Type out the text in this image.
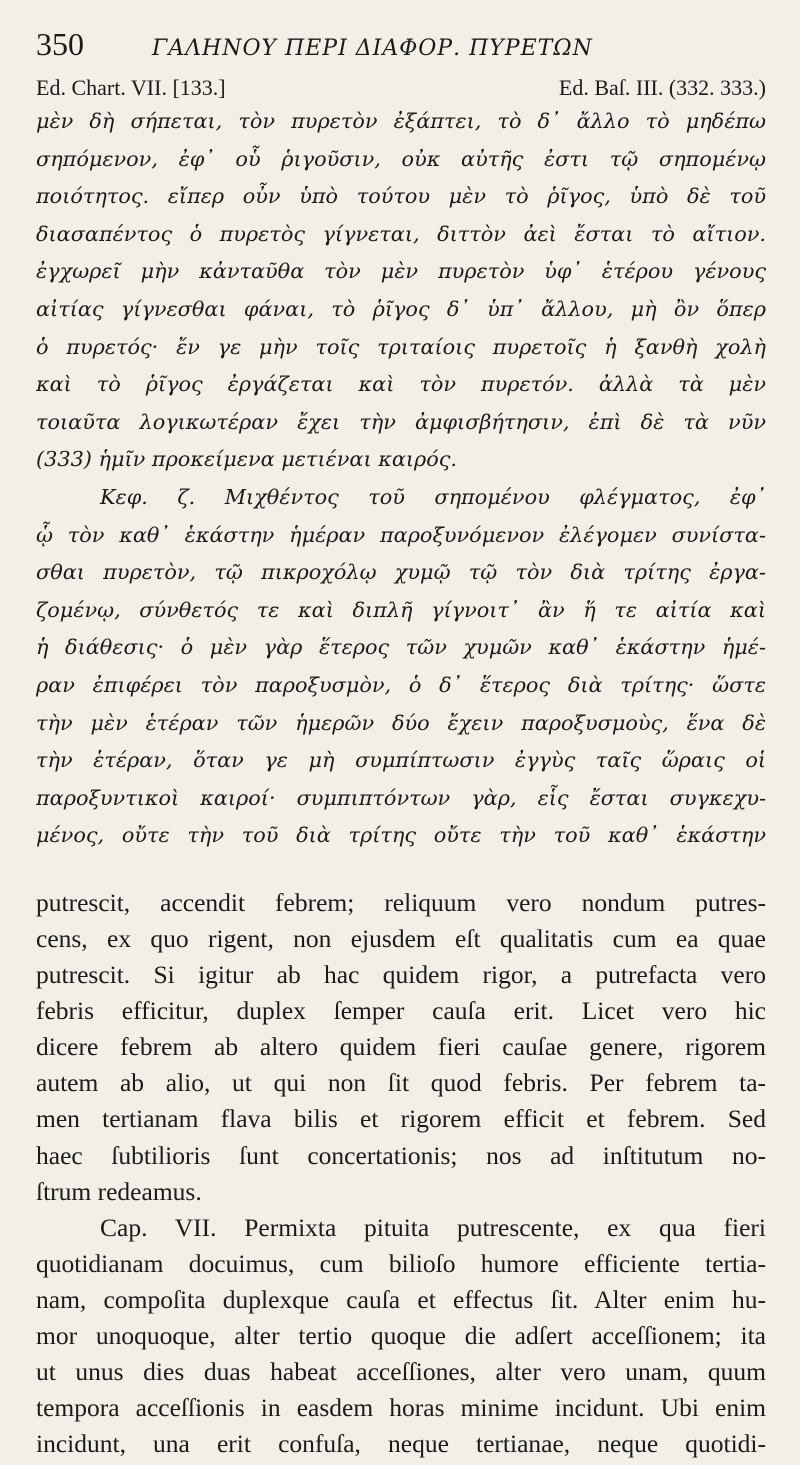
350	ΓΑΛΗΝΟΥ ΠΕΡΙ ΔΙΑΦΟΡ. ΠΥΡΕΤΩΝ
Ed. Chart. VII. [133.]	Ed. Baſ. III. (332. 333.)
μὲν δὴ σήπεται, τὸν πυρετὸν ἐξάπτει, τὸ δ᾽ ἄλλο τὸ μηδέπω
σηπόμενον, ἐφ᾽ οὗ ῥιγοῦσιν, οὐκ αὐτῆς ἐστι τῷ σηπομένῳ
ποιότητος. εἴπερ οὖν ὑπὸ τούτου μὲν τὸ ῥῖγος, ὑπὸ δὲ τοῦ
διασαπέντος ὁ πυρετὸς γίγνεται, διττὸν ἀεὶ ἔσται τὸ αἴτιον.
ἐγχωρεῖ μὴν κἀνταῦθα τὸν μὲν πυρετὸν ὑφ᾽ ἑτέρου γένους
αἰτίας γίγνεσθαι φάναι, τὸ ῥῖγος δ᾽ ὑπ᾽ ἄλλου, μὴ ὂν ὅπερ
ὁ πυρετός· ἔν γε μὴν τοῖς τριταίοις πυρετοῖς ἡ ξανθὴ χολὴ
καὶ τὸ ῥῖγος ἐργάζεται καὶ τὸν πυρετόν. ἀλλὰ τὰ μὲν
τοιαῦτα λογικωτέραν ἔχει τὴν ἀμφισβήτησιν, ἐπὶ δὲ τὰ νῦν
(333) ἡμῖν προκείμενα μετιέναι καιρός.
Κεφ. ζ. Μιχθέντος τοῦ σηπομένου φλέγματος, ἐφ᾽
ᾧ τὸν καθ᾽ ἑκάστην ἡμέραν παροξυνόμενον ἐλέγομεν συνίστα-
σθαι πυρετὸν, τῷ πικροχόλῳ χυμῷ τῷ τὸν διὰ τρίτης ἐργα-
ζομένῳ, σύνθετός τε καὶ διπλῆ γίγνοιτ᾽ ἂν ἥ τε αἰτία καὶ
ἡ διάθεσις· ὁ μὲν γὰρ ἕτερος τῶν χυμῶν καθ᾽ ἑκάστην ἡμέ-
ραν ἐπιφέρει τὸν παροξυσμὸν, ὁ δ᾽ ἕτερος διὰ τρίτης· ὥστε
τὴν μὲν ἑτέραν τῶν ἡμερῶν δύο ἔχειν παροξυσμοὺς, ἕνα δὲ
τὴν ἑτέραν, ὅταν γε μὴ συμπίπτωσιν ἐγγὺς ταῖς ὥραις οἱ
παροξυντικοὶ καιροί· συμπιπτόντων γὰρ, εἷς ἔσται συγκεχυ-
μένος, οὔτε τὴν τοῦ διὰ τρίτης οὔτε τὴν τοῦ καθ᾽ ἑκάστην
putrescit, accendit febrem; reliquum vero nondum putres-
cens, ex quo rigent, non ejusdem eſt qualitatis cum ea quae
putrescit. Si igitur ab hac quidem rigor, a putrefacta vero
febris efficitur, duplex ſemper cauſa erit. Licet vero hic
dicere febrem ab altero quidem fieri cauſae genere, rigorem
autem ab alio, ut qui non ſit quod febris. Per febrem ta-
men tertianam flava bilis et rigorem efficit et febrem. Sed
haec ſubtilioris ſunt concertationis; nos ad inſtitutum no-
ſtrum redeamus.
Cap. VII. Permixta pituita putrescente, ex qua fieri
quotidianam docuimus, cum bilioſo humore efficiente tertia-
nam, compoſita duplexque cauſa et effectus ſit. Alter enim hu-
mor unoquoque, alter tertio quoque die adſert acceſſionem; ita
ut unus dies duas habeat acceſſiones, alter vero unam, quum
tempora acceſſionis in easdem horas minime incidunt. Ubi enim
incidunt, una erit confuſa, neque tertianae, neque quotidi-
